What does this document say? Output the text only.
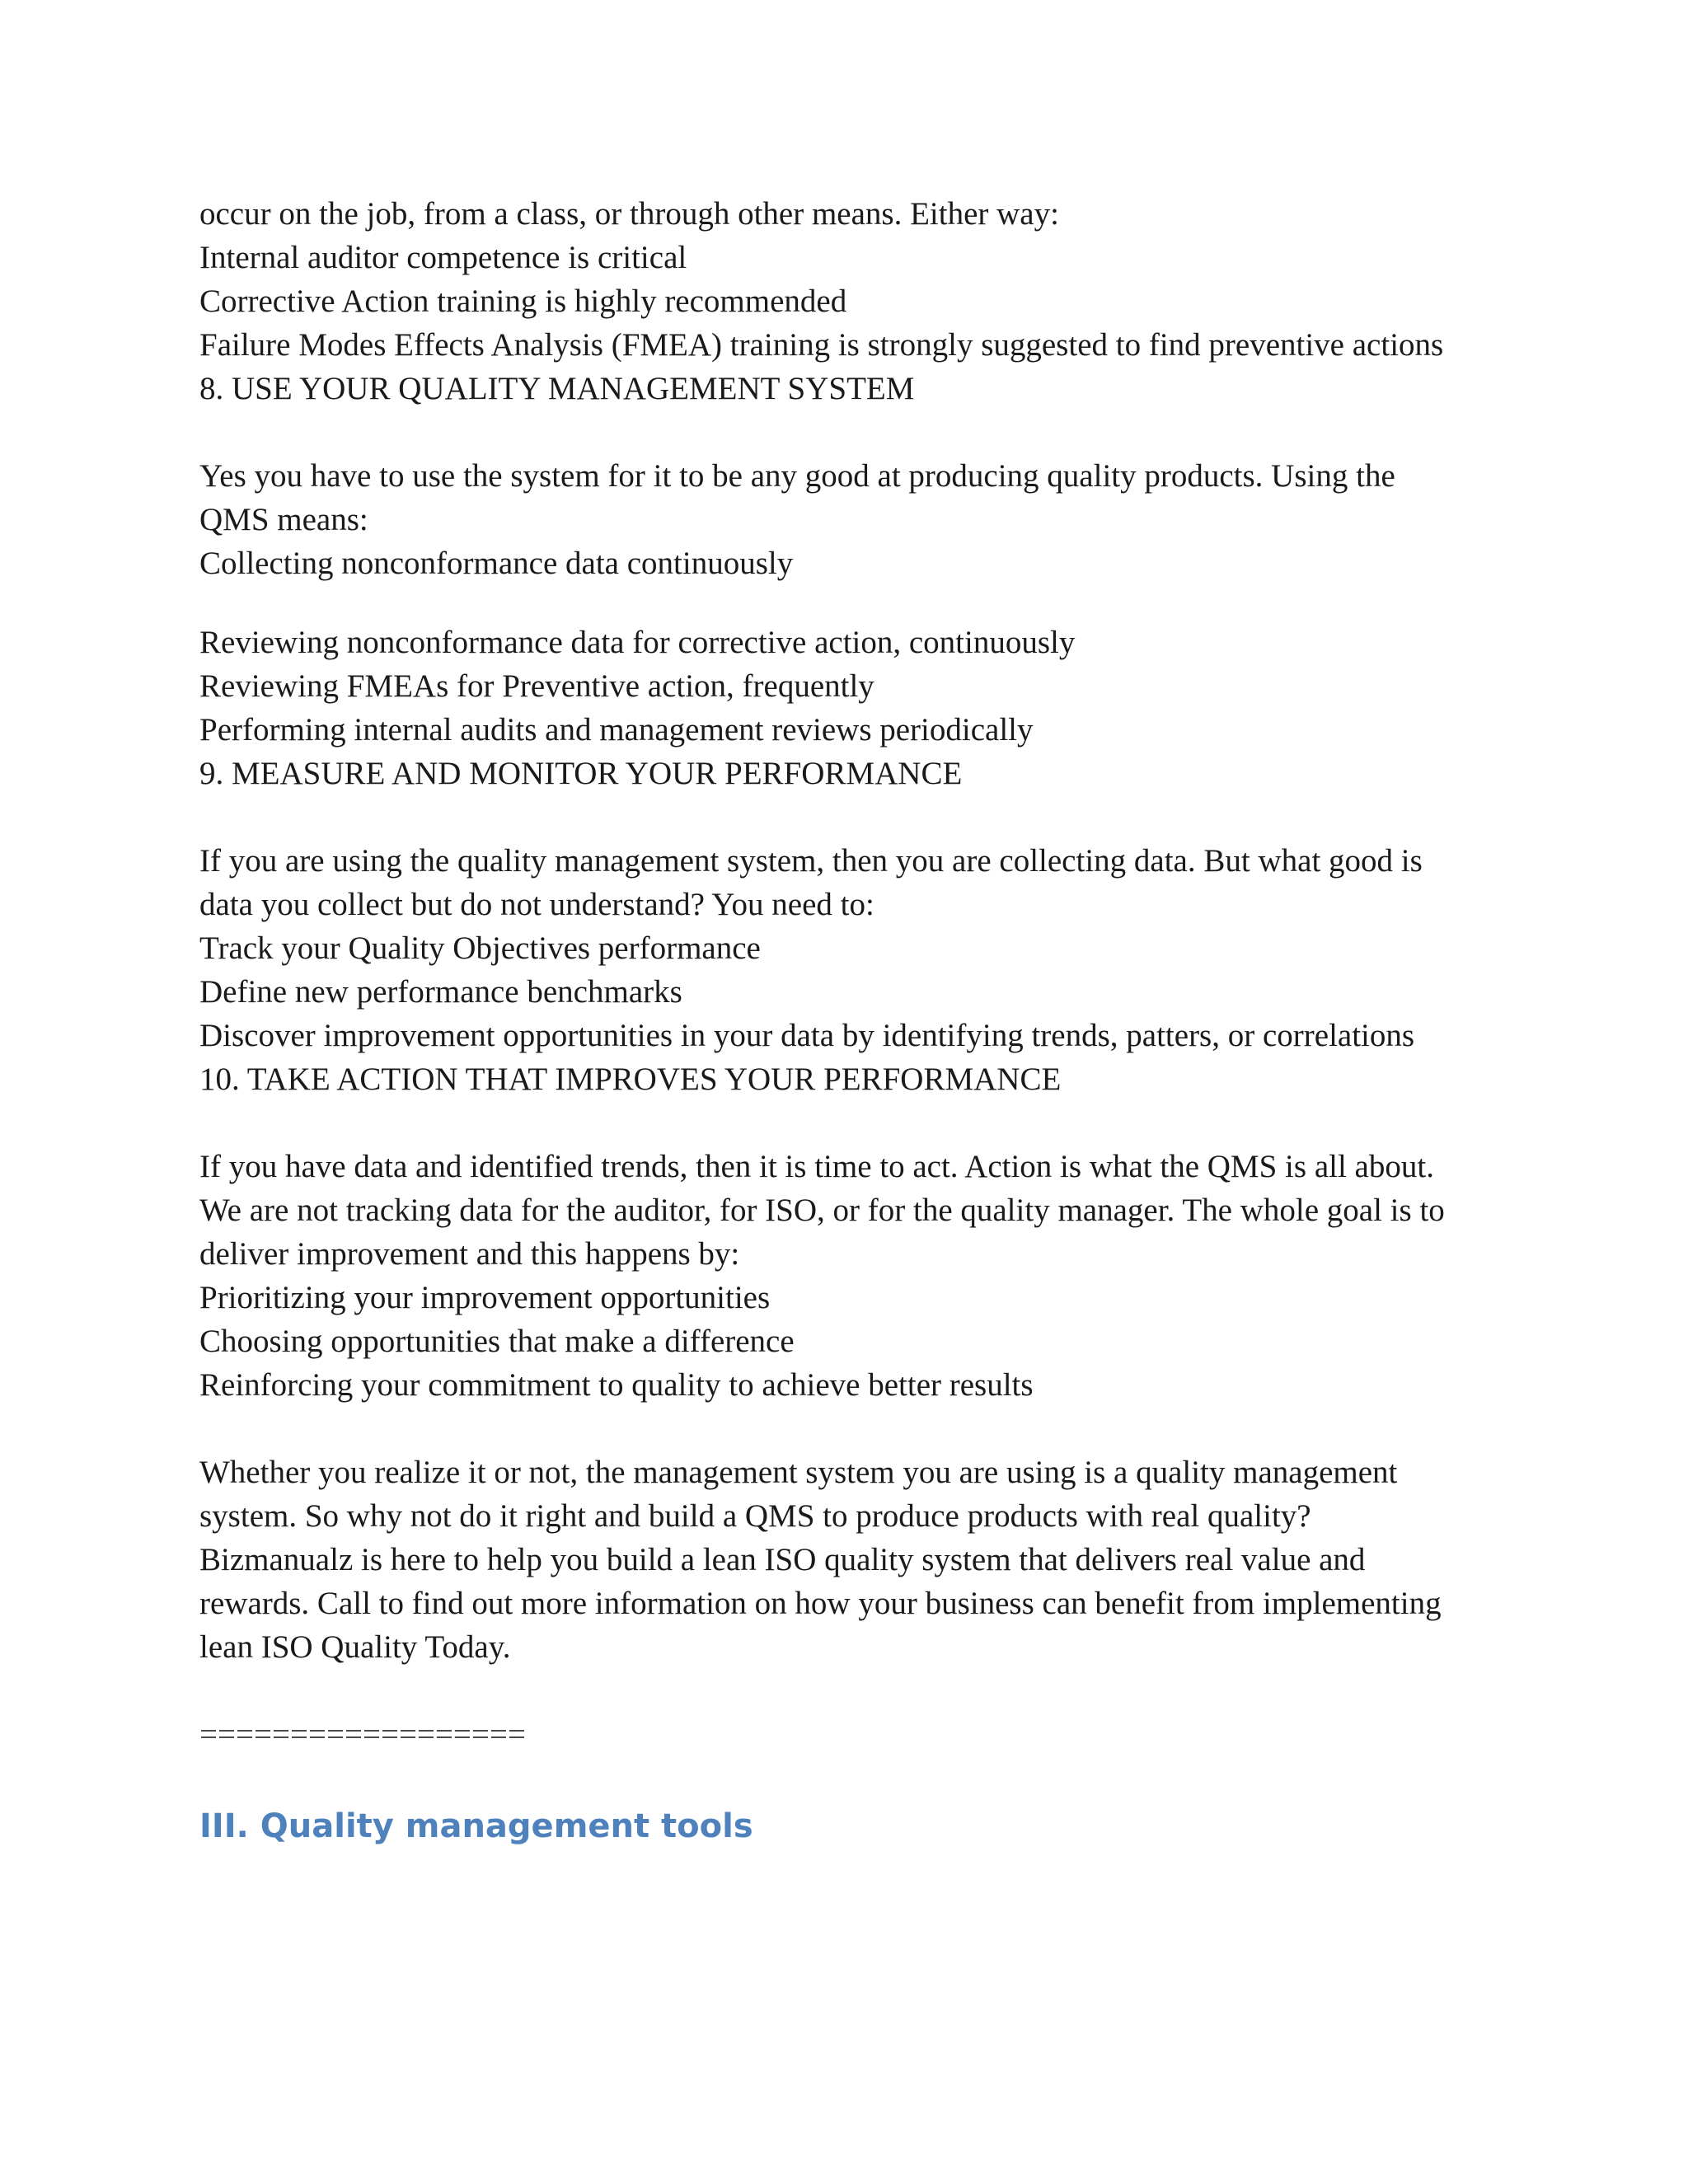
occur on the job, from a class, or through other means. Either way:
Internal auditor competence is critical
Corrective Action training is highly recommended
Failure Modes Effects Analysis (FMEA) training is strongly suggested to find preventive actions
8. USE YOUR QUALITY MANAGEMENT SYSTEM
Yes you have to use the system for it to be any good at producing quality products. Using the
QMS means:
Collecting nonconformance data continuously
Reviewing nonconformance data for corrective action, continuously
Reviewing FMEAs for Preventive action, frequently
Performing internal audits and management reviews periodically
9. MEASURE AND MONITOR YOUR PERFORMANCE
If you are using the quality management system, then you are collecting data. But what good is
data you collect but do not understand? You need to:
Track your Quality Objectives performance
Define new performance benchmarks
Discover improvement opportunities in your data by identifying trends, patters, or correlations
10. TAKE ACTION THAT IMPROVES YOUR PERFORMANCE
If you have data and identified trends, then it is time to act. Action is what the QMS is all about.
We are not tracking data for the auditor, for ISO, or for the quality manager. The whole goal is to
deliver improvement and this happens by:
Prioritizing your improvement opportunities
Choosing opportunities that make a difference
Reinforcing your commitment to quality to achieve better results
Whether you realize it or not, the management system you are using is a quality management
system. So why not do it right and build a QMS to produce products with real quality?
Bizmanualz is here to help you build a lean ISO quality system that delivers real value and
rewards. Call to find out more information on how your business can benefit from implementing
lean ISO Quality Today.
==================
III. Quality management tools
